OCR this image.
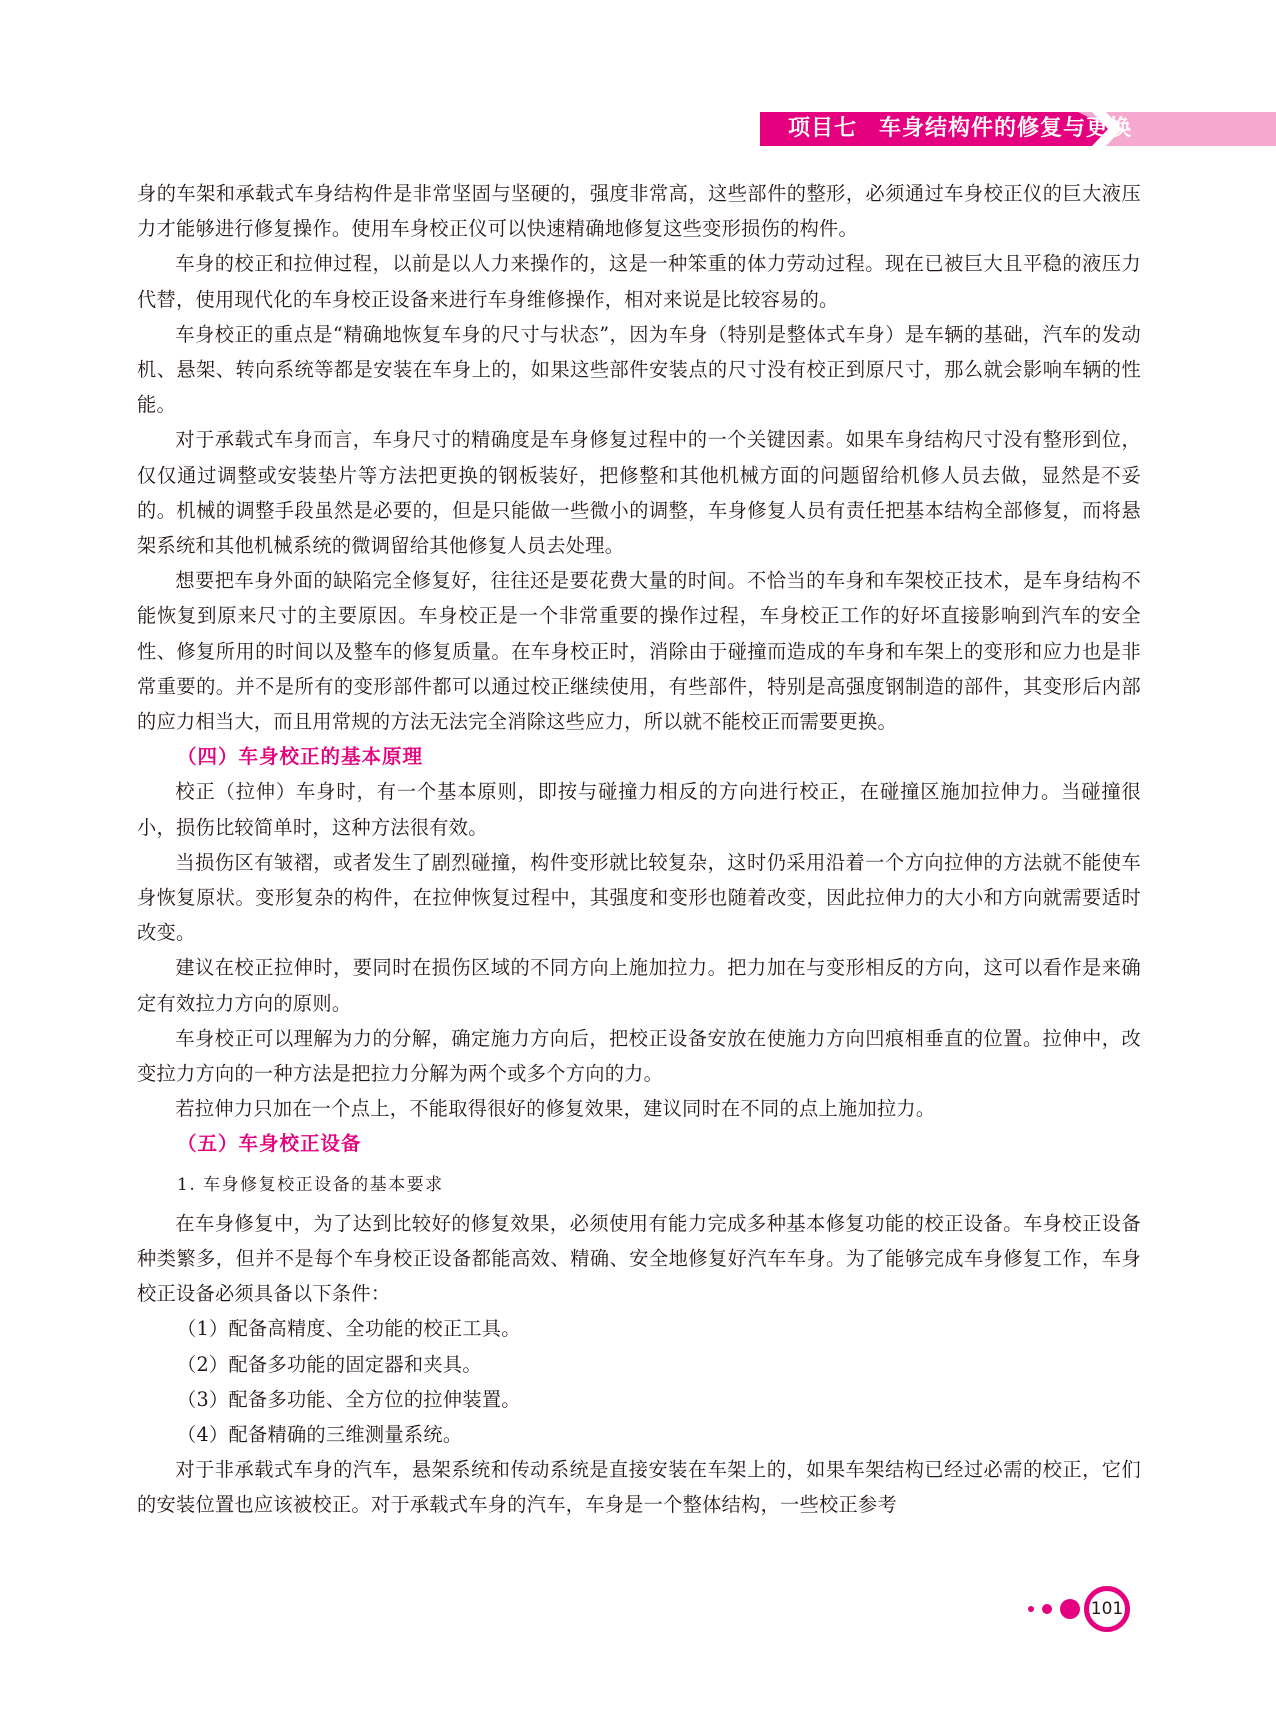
项目七 车身结构件的修复与更换

身的车架和承载式车身结构件是非常坚固与坚硬的，强度非常高，这些部件的整形，必须通过车身校正仪的巨大液压力才能够进行修复操作。使用车身校正仪可以快速精确地修复这些变形损伤的构件。

车身的校正和拉伸过程，以前是以人力来操作的，这是一种笨重的体力劳动过程。现在已被巨大且平稳的液压力代替，使用现代化的车身校正设备来进行车身维修操作，相对来说是比较容易的。

车身校正的重点是“精确地恢复车身的尺寸与状态”，因为车身（特别是整体式车身）是车辆的基础，汽车的发动机、悬架、转向系统等都是安装在车身上的，如果这些部件安装点的尺寸没有校正到原尺寸，那么就会影响车辆的性能。

对于承载式车身而言，车身尺寸的精确度是车身修复过程中的一个关键因素。如果车身结构尺寸没有整形到位，仅仅通过调整或安装垫片等方法把更换的钢板装好，把修整和其他机械方面的问题留给机修人员去做，显然是不妥的。机械的调整手段虽然是必要的，但是只能做一些微小的调整，车身修复人员有责任把基本结构全部修复，而将悬架系统和其他机械系统的微调留给其他修复人员去处理。

想要把车身外面的缺陷完全修复好，往往还是要花费大量的时间。不恰当的车身和车架校正技术，是车身结构不能恢复到原来尺寸的主要原因。车身校正是一个非常重要的操作过程，车身校正工作的好坏直接影响到汽车的安全性、修复所用的时间以及整车的修复质量。在车身校正时，消除由于碰撞而造成的车身和车架上的变形和应力也是非常重要的。并不是所有的变形部件都可以通过校正继续使用，有些部件，特别是高强度钢制造的部件，其变形后内部的应力相当大，而且用常规的方法无法完全消除这些应力，所以就不能校正而需要更换。

（四）车身校正的基本原理

校正（拉伸）车身时，有一个基本原则，即按与碰撞力相反的方向进行校正，在碰撞区施加拉伸力。当碰撞很小，损伤比较简单时，这种方法很有效。

当损伤区有皱褶，或者发生了剧烈碰撞，构件变形就比较复杂，这时仍采用沿着一个方向拉伸的方法就不能使车身恢复原状。变形复杂的构件，在拉伸恢复过程中，其强度和变形也随着改变，因此拉伸力的大小和方向就需要适时改变。

建议在校正拉伸时，要同时在损伤区域的不同方向上施加拉力。把力加在与变形相反的方向，这可以看作是来确定有效拉力方向的原则。

车身校正可以理解为力的分解，确定施力方向后，把校正设备安放在使施力方向凹痕相垂直的位置。拉伸中，改变拉力方向的一种方法是把拉力分解为两个或多个方向的力。

若拉伸力只加在一个点上，不能取得很好的修复效果，建议同时在不同的点上施加拉力。

（五）车身校正设备

1. 车身修复校正设备的基本要求

在车身修复中，为了达到比较好的修复效果，必须使用有能力完成多种基本修复功能的校正设备。车身校正设备种类繁多，但并不是每个车身校正设备都能高效、精确、安全地修复好汽车车身。为了能够完成车身修复工作，车身校正设备必须具备以下条件：

（1）配备高精度、全功能的校正工具。

（2）配备多功能的固定器和夹具。

（3）配备多功能、全方位的拉伸装置。

（4）配备精确的三维测量系统。

对于非承载式车身的汽车，悬架系统和传动系统是直接安装在车架上的，如果车架结构已经过必需的校正，它们的安装位置也应该被校正。对于承载式车身的汽车，车身是一个整体结构，一些校正参考

101
